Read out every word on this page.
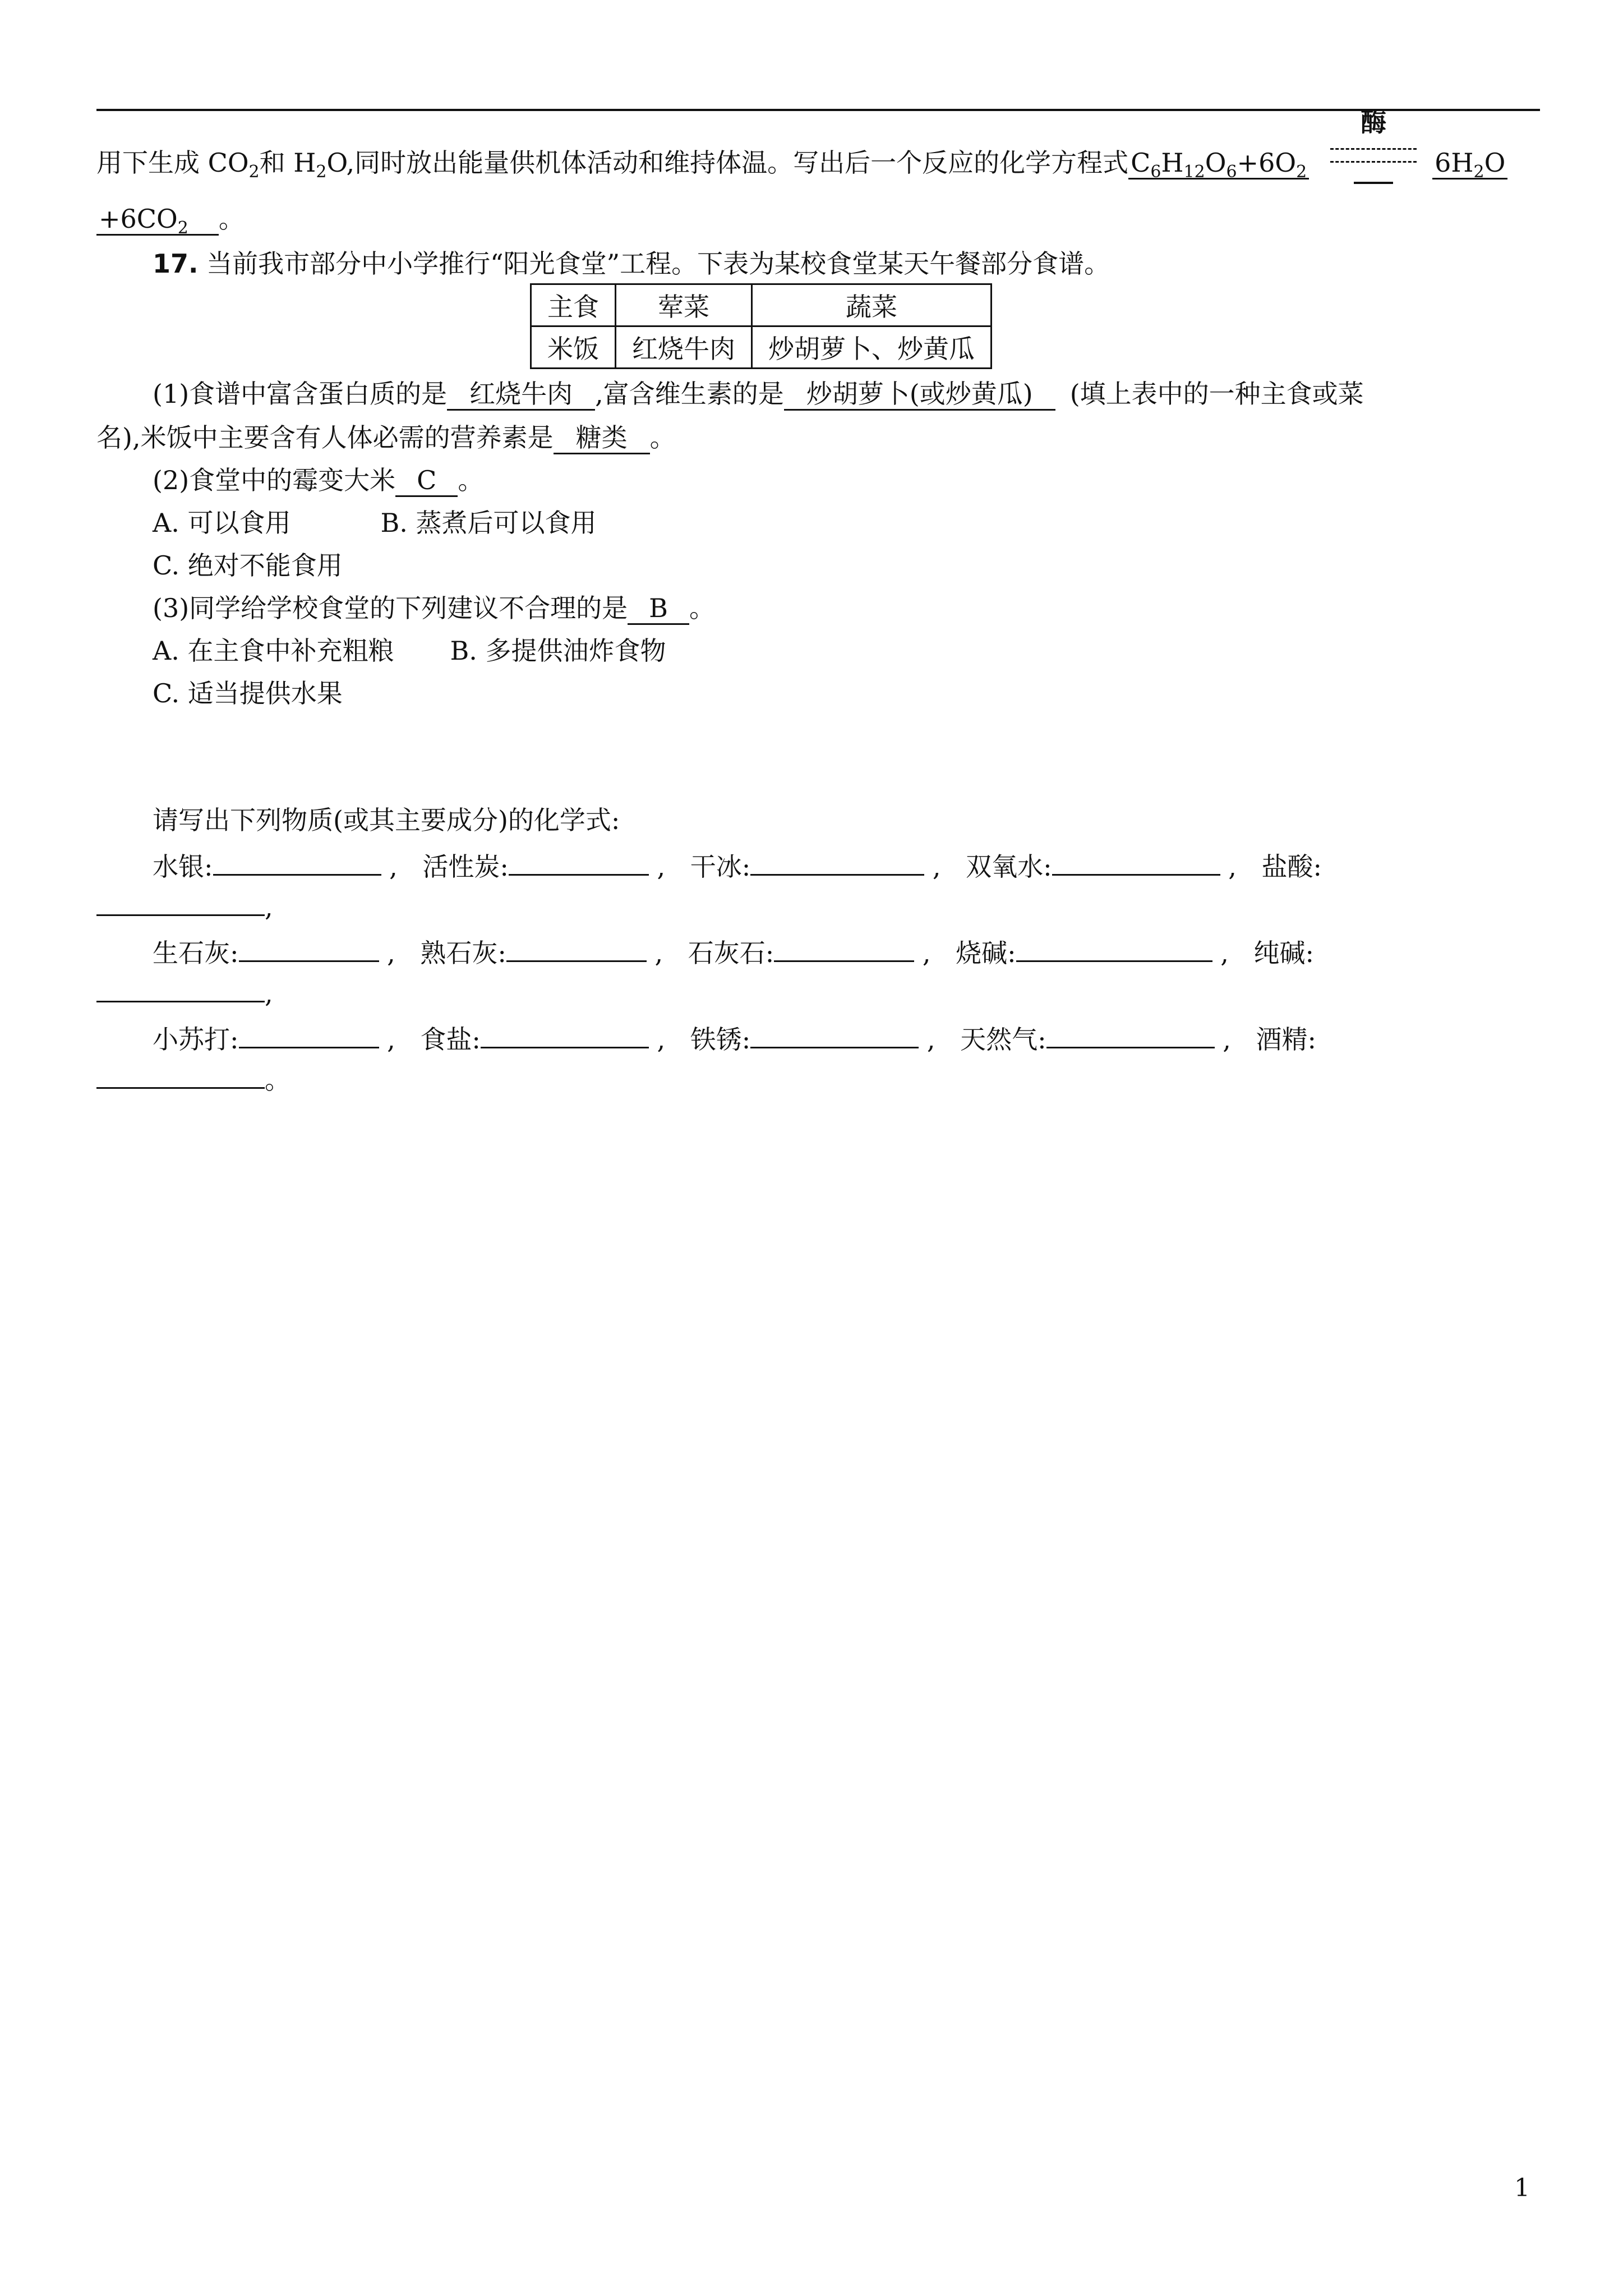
用下生成 $CO_2$和 $H_2O$,同时放出能量供机体活动和维持体温。写出后一个反应的化学方程式$C_6H_{12}O_6+6O_2$
酶
$6H_2O$
$+6CO_2$ 。
17. 当前我市部分中小学推行“阳光食堂”工程。下表为某校食堂某天午餐部分食谱。
主食	荤菜	蔬菜
米饭	红烧牛肉	炒胡萝卜、炒黄瓜
(1)食谱中富含蛋白质的是 红烧牛肉 ,富含维生素的是 炒胡萝卜(或炒黄瓜) (填上表中的一种主食或菜
名),米饭中主要含有人体必需的营养素是 糖类 。
(2)食堂中的霉变大米 C 。
A. 可以食用	B. 蒸煮后可以食用
C. 绝对不能食用
(3)同学给学校食堂的下列建议不合理的是 B 。
A. 在主食中补充粗粮 B. 多提供油炸食物
C. 适当提供水果
请写出下列物质(或其主要成分)的化学式:
水银:	, 活性炭:	, 干冰:	, 双氧水:	, 盐酸:
,
生石灰:	, 熟石灰:	, 石灰石:	, 烧碱:	, 纯碱:
,
小苏打:	, 食盐:	, 铁锈:	, 天然气:	, 酒精:
。
1
